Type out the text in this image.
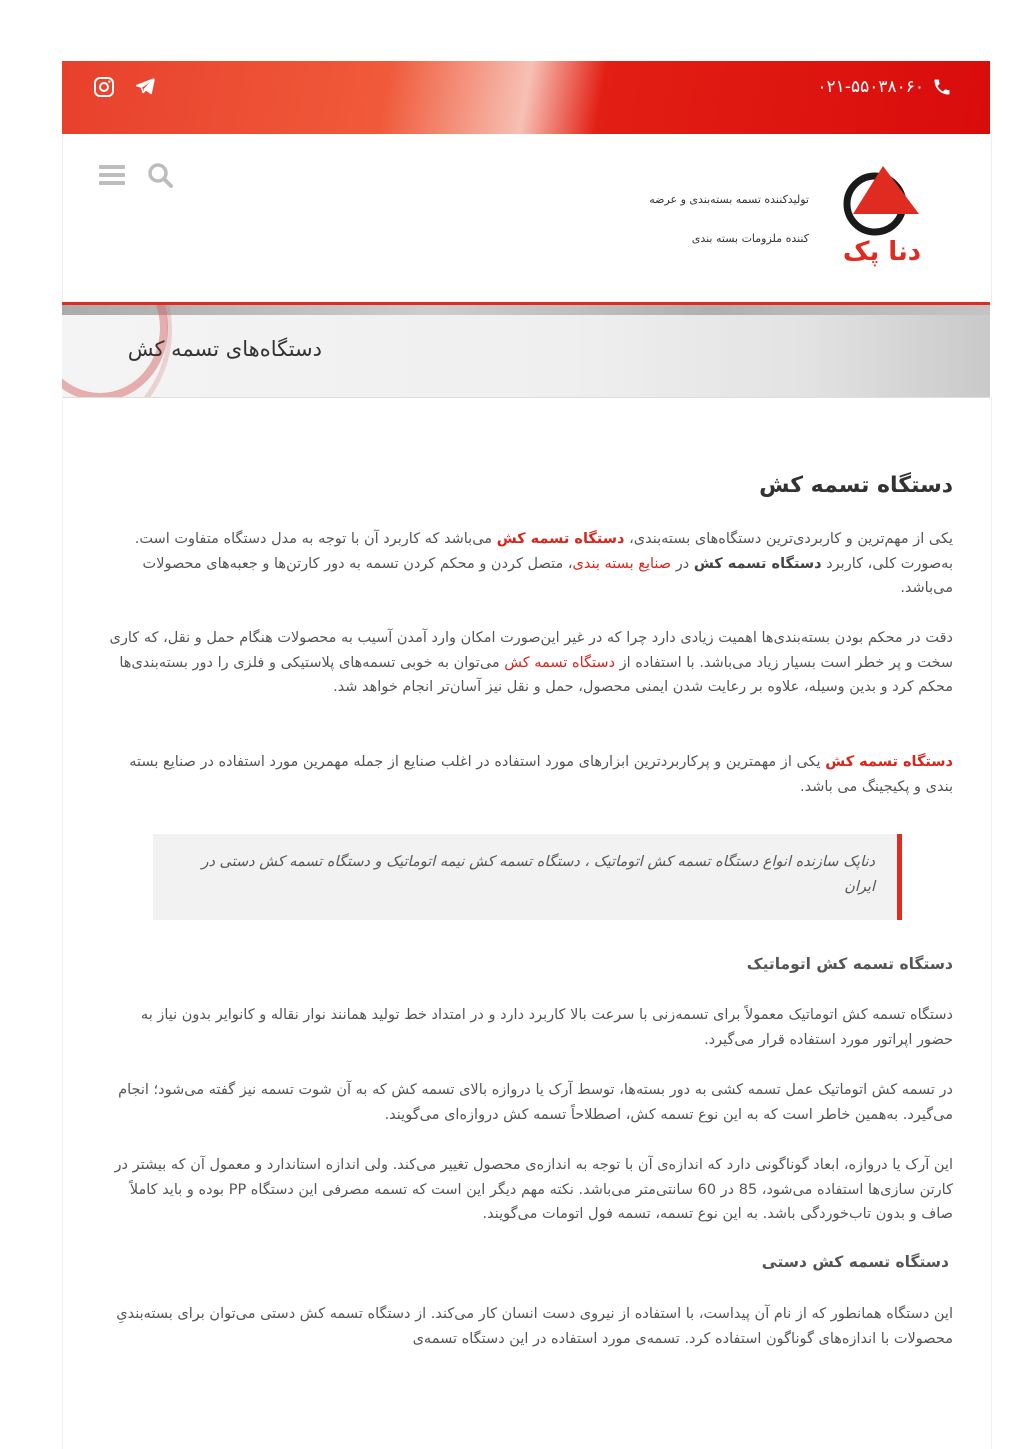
۰۲۱-۵۵۰۳۸۰۶۰
دنا پک
تولیدکننده تسمه بسته‌بندی و عرضه
کننده ملزومات بسته بندی
دستگاه‌های تسمه کش
دستگاه تسمه کش
یکی از مهم‌ترین و کاربردی‌ترین دستگاه‌های بسته‌بندی، دستگاه تسمه کش می‌باشد که کاربرد آن با توجه به مدل دستگاه متفاوت است. به‌صورت کلی، کاربرد دستگاه تسمه کش در صنایع بسته بندی، متصل کردن و محکم کردن تسمه به دور کارتن‌ها و جعبه‌های محصولات می‌باشد.
دقت در محکم بودن بسته‌بندی‌ها اهمیت زیادی دارد چرا که در غیر این‌صورت امکان وارد آمدن آسیب به محصولات هنگام حمل و نقل، که کاری سخت و پر خطر است بسیار زیاد می‌باشد. با استفاده از دستگاه تسمه کش می‌توان به خوبی تسمه‌های پلاستیکی و فلزی را دور بسته‌بندی‌ها محکم کرد و بدین وسیله، علاوه بر رعایت شدن ایمنی محصول، حمل و نقل نیز آسان‌تر انجام خواهد شد.
دستگاه تسمه کش یکی از مهمترین و پرکاربردترین ابزارهای مورد استفاده در اغلب صنایع از جمله مهمرین مورد استفاده در صنایع بسته بندی و پکیجینگ می باشد.

دناپک سازنده انواع دستگاه تسمه کش اتوماتیک ، دستگاه تسمه کش نیمه اتوماتیک و دستگاه تسمه کش دستی در ایران

دستگاه تسمه کش اتوماتیک
دستگاه تسمه کش اتوماتیک معمولاً برای تسمه‌زنی با سرعت بالا کاربرد دارد و در امتداد خط تولید همانند نوار نقاله و کانوایر بدون نیاز به حضور اپراتور مورد استفاده قرار می‌گیرد.
در تسمه کش اتوماتیک عمل تسمه کشی به دور بسته‌ها، توسط آرک یا دروازه بالای تسمه کش که به آن شوت تسمه نیز گفته می‌شود؛ انجام می‌گیرد. به‌همین خاطر است که به این نوع تسمه کش، اصطلاحاً تسمه کش دروازه‌ای می‌گویند.
این آرک یا دروازه، ابعاد گوناگونی دارد که اندازه‌ی آن با توجه به اندازه‌ی محصول تغییر می‌کند. ولی اندازه استاندارد و معمول آن که بیشتر در کارتن سازی‌ها استفاده می‌شود، 85 در 60 سانتی‌متر می‌باشد. نکته مهم دیگر این است که تسمه مصرفی این دستگاه PP بوده و باید کاملاً صاف و بدون تاب‌خوردگی باشد. به این نوع تسمه، تسمه فول اتومات می‌گویند.
دستگاه تسمه کش دستی
این دستگاه همانطور که از نام آن پیداست، با استفاده از نیروی دست انسان کار می‌کند. از دستگاه تسمه کش دستی می‌توان برای بسته‌بندیِ محصولات با اندازه‌های گوناگون استفاده کرد. تسمه‌ی مورد استفاده در این دستگاه تسمه‌ی
